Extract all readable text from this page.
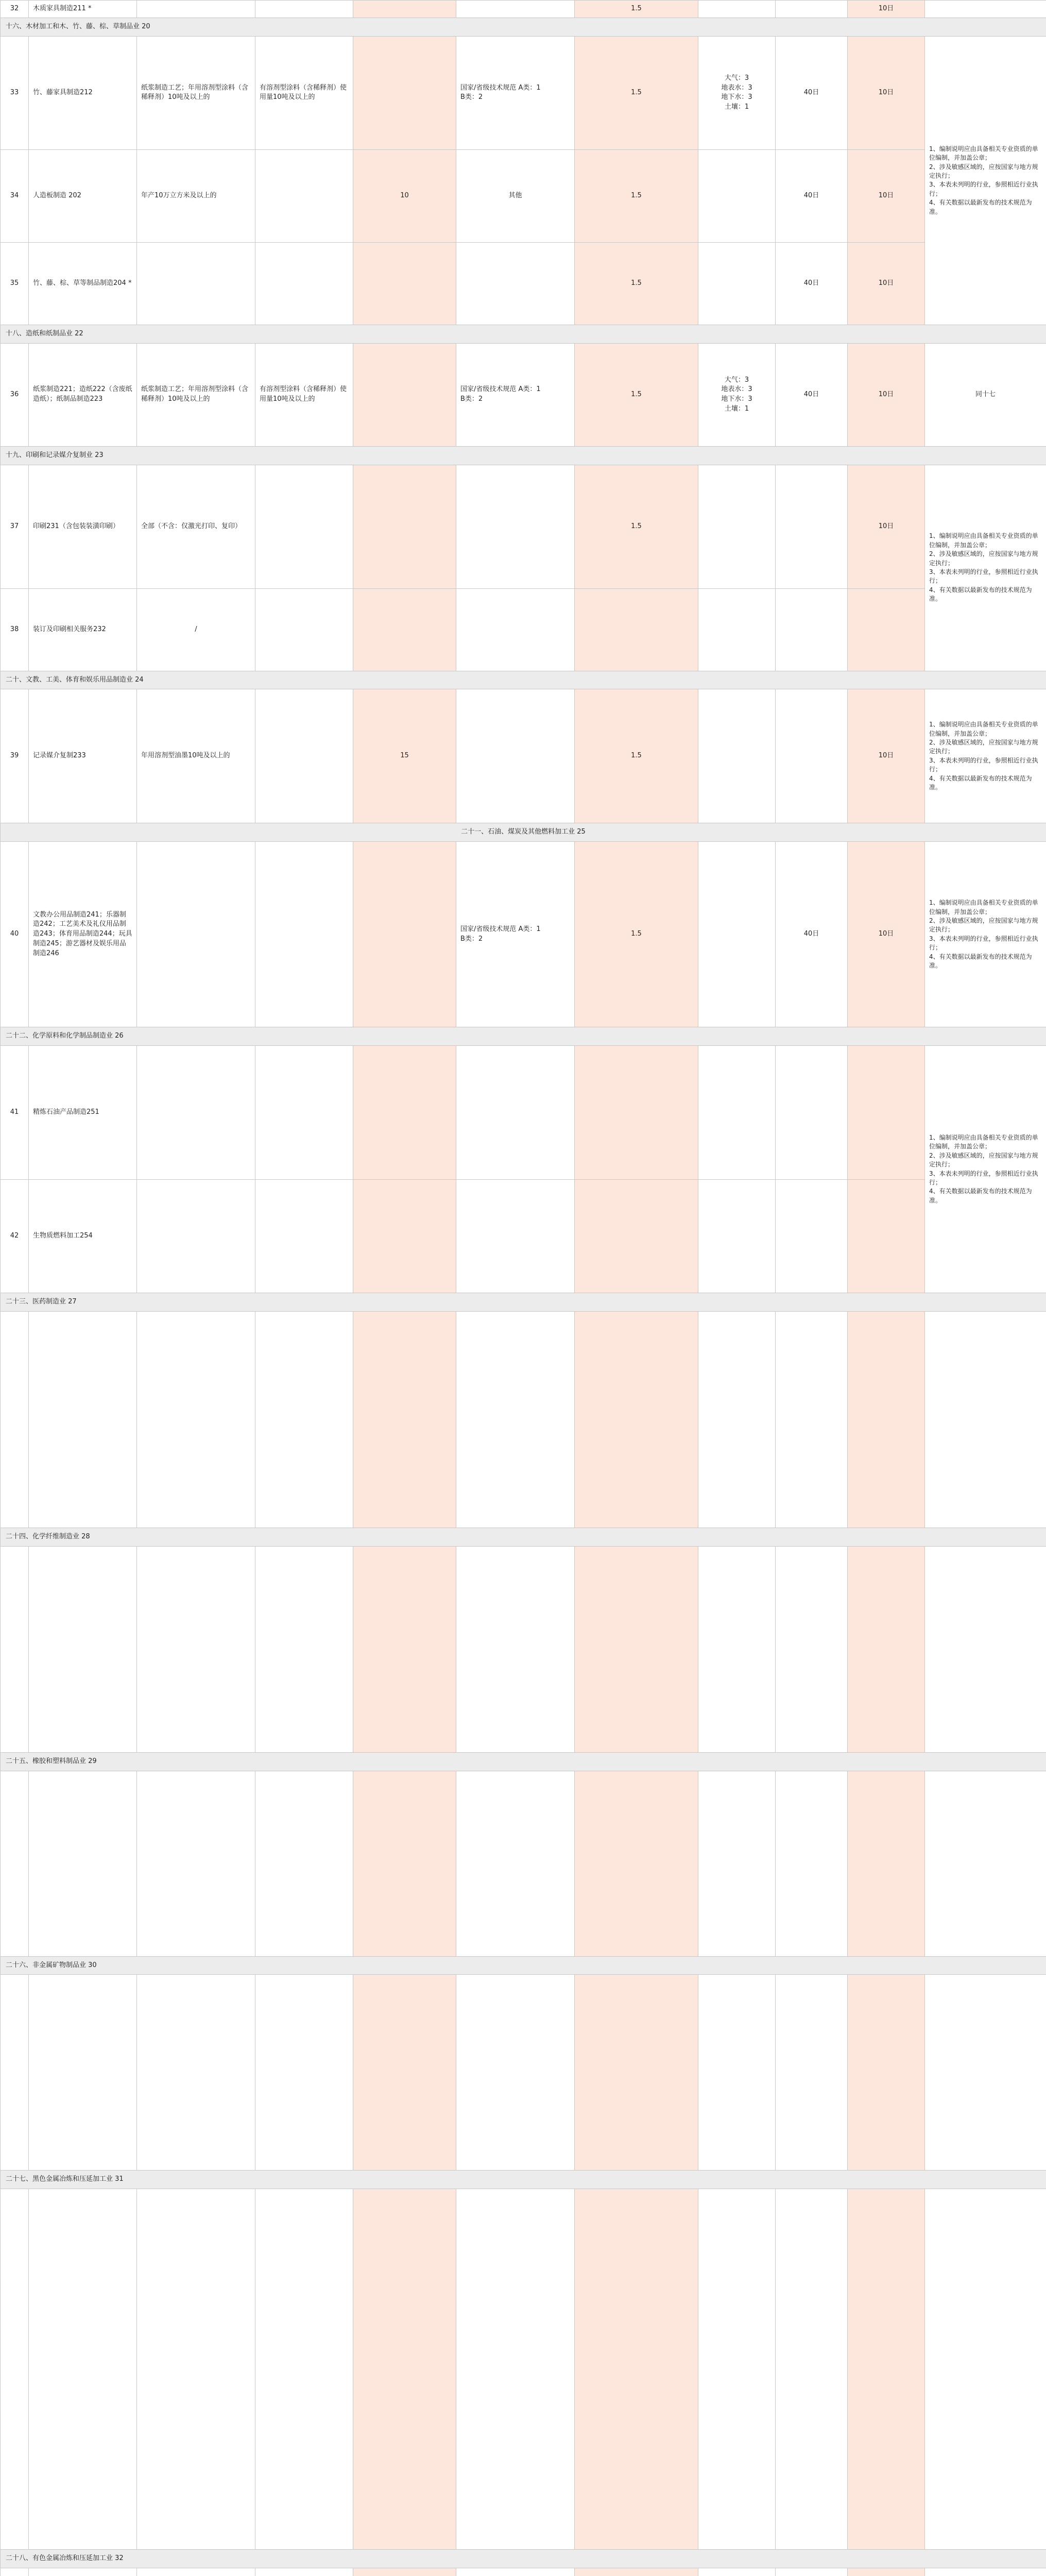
32	木质家具制造211 *					1.5			10日	
十六、木材加工和木、竹、藤、棕、草制品业 20										
33	竹、藤家具制造212	纸浆制造工艺；年用溶剂型涂料（含稀释剂）10吨及以上的	有溶剂型涂料（含稀释剂）使用量10吨及以上的		国家/省级技术规范 A类：1
B类：2	1.5	大气：3
地表水：3
地下水：3
土壤：1	40日	10日	1、编制说明应由具备相关专业资质的单位编制，并加盖公章；
2、涉及敏感区域的，应按国家与地方规定执行；
3、本表未列明的行业，参照相近行业执行；
4、有关数据以最新发布的技术规范为准。
34	人造板制造 202	年产10万立方米及以上的		10	其他	1.5		40日	10日	
35	竹、藤、棕、草等制品制造204 *					1.5		40日	10日	
十八、造纸和纸制品业 22										
36	纸浆制造221；造纸222（含废纸造纸）；纸制品制造223	纸浆制造工艺；年用溶剂型涂料（含稀释剂）10吨及以上的	有溶剂型涂料（含稀释剂）使用量10吨及以上的		国家/省级技术规范 A类：1
B类：2	1.5	大气：3
地表水：3
地下水：3
土壤：1	40日	10日	同十七
十九、印刷和记录媒介复制业 23										
37	印刷231（含包装装潢印刷）	全部（不含：仅激光打印、复印）				1.5			10日	1、编制说明应由具备相关专业资质的单位编制，并加盖公章；
2、涉及敏感区域的，应按国家与地方规定执行；
3、本表未列明的行业，参照相近行业执行；
4、有关数据以最新发布的技术规范为准。
38	装订及印刷相关服务232	/								
二十、文教、工美、体育和娱乐用品制造业 24										
39	记录媒介复制233	年用溶剂型油墨10吨及以上的		15		1.5			10日	1、编制说明应由具备相关专业资质的单位编制，并加盖公章；
2、涉及敏感区域的，应按国家与地方规定执行；
3、本表未列明的行业，参照相近行业执行；
4、有关数据以最新发布的技术规范为准。
二十一、石油、煤炭及其他燃料加工业 25										
40	文教办公用品制造241；乐器制造242；工艺美术及礼仪用品制造243；体育用品制造244；玩具制造245；游艺器材及娱乐用品制造246				国家/省级技术规范 A类：1
B类：2	1.5		40日	10日	1、编制说明应由具备相关专业资质的单位编制，并加盖公章；
2、涉及敏感区域的，应按国家与地方规定执行；
3、本表未列明的行业，参照相近行业执行；
4、有关数据以最新发布的技术规范为准。
二十二、化学原料和化学制品制造业 26										
41	精炼石油产品制造251									1、编制说明应由具备相关专业资质的单位编制，并加盖公章；
2、涉及敏感区域的，应按国家与地方规定执行；
3、本表未列明的行业，参照相近行业执行；
4、有关数据以最新发布的技术规范为准。
42	生物质燃料加工254									
二十三、医药制造业 27										

二十四、化学纤维制造业 28										

二十五、橡胶和塑料制品业 29										

二十六、非金属矿物制品业 30										

二十七、黑色金属冶炼和压延加工业 31										

二十八、有色金属冶炼和压延加工业 32										
